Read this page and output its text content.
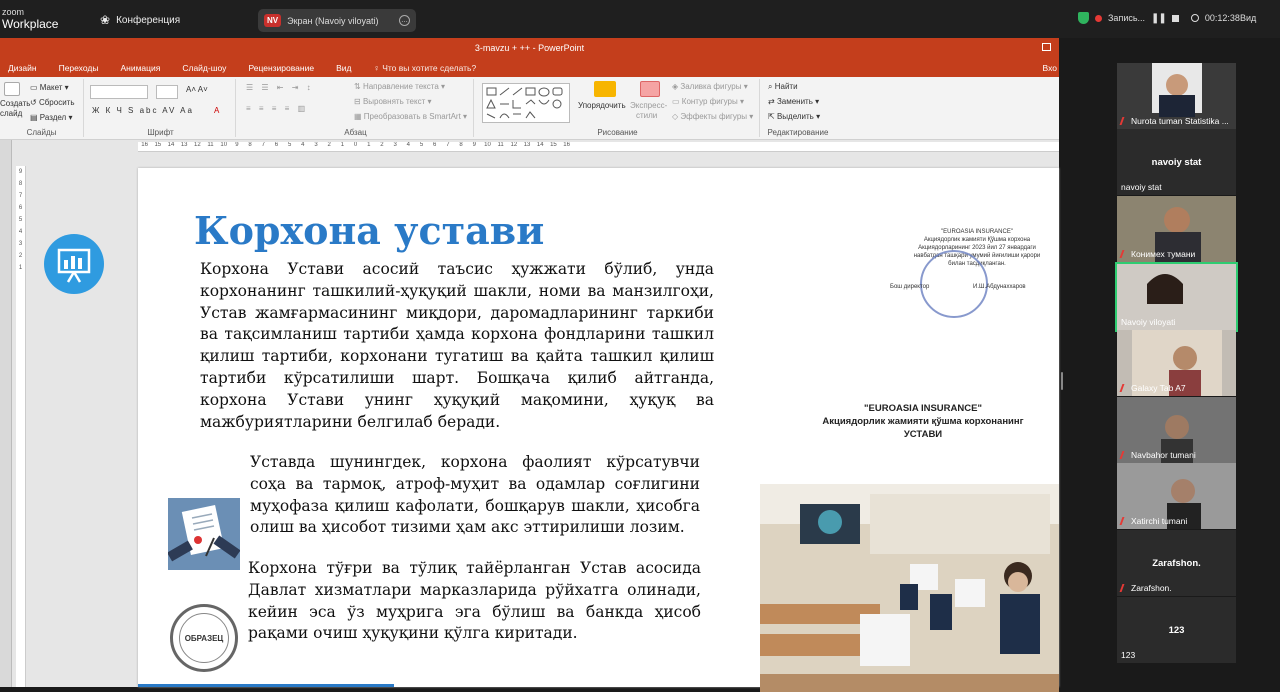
zoom
Workplace	❀ Конференция	NV	Экран (Navoiy viloyati)	…	Запись... ❚❚	00:12:38 Вид
3-mavzu + ++ - PowerPoint
Дизайн	Переходы	Анимация	Слайд-шоу	Рецензирование	Вид	♀ Что вы хотите сделать?	Вхо
Создать
слайд
▭ Макет ▾
↺ Сбросить
▤ Раздел ▾
Слайды
A˄ A˅
Ж К Ч S abc AV Aa	A
Шрифт
☰ ☰ ⇤ ⇥ ↕
≡ ≡ ≡ ≡ ▥
⇅ Направление текста ▾
⊟ Выровнять текст ▾
▦ Преобразовать в SmartArt ▾
Абзац
Упорядочить Экспресс-
стили
◈ Заливка фигуры ▾
▭ Контур фигуры ▾
◇ Эффекты фигуры ▾
Рисование
⌕ Найти
⇄ Заменить ▾
⇱ Выделить ▾
Редактирование
16 15 14 13 12 11 10 9 8 7 6 5 4 3 2 1 0 1 2 3 4 5 6 7 8 9 10 11 12 13 14 15 16
9
8
7
6
5
4
3
2
1
Корхона устави
Корхона Устави асосий таъсис ҳужжати бўлиб, унда корхонанинг ташкилий-ҳуқуқий шакли, номи ва манзилгоҳи, Устав жамғармасининг миқдори, даромадларининг таркиби ва тақсимланиш тартиби ҳамда корхона фондларини ташкил қилиш тартиби, корхонани тугатиш ва қайта ташкил қилиш тартиби кўрсатилиши шарт. Бошқача қилиб айтганда, корхона Устави унинг ҳуқуқий мақомини, ҳуқуқ ва мажбуриятларини белгилаб беради.
Уставда шунингдек, корхона фаолият кўрсатувчи соҳа ва тармоқ, атроф-муҳит ва одамлар соғлигини муҳофаза қилиш кафолати, бошқарув шакли, ҳисобга олиш ва ҳисобот тизими ҳам акс эттирилиши лозим.
Корхона тўғри ва тўлиқ тайёрланган Устав асосида Давлат хизматлари марказларида рўйхатга олинади, кейин эса ўз муҳрига эга бўлиш ва банкда ҳисоб рақами очиш ҳуқуқини қўлга киритади.
ОБРАЗЕЦ
"EUROASIA INSURANCE"
Акциядорлик жамияти Қўшма корхона
Акциядорларининг 2023 йил 27 январдаги
навбатдан ташқари умумий йиғилиши қарори
билан тасдиқланган.
Бош директор	И.Ш.Абдунаххаров
"EUROASIA INSURANCE"
Акциядорлик жамияти қўшма корхонанинг
УСТАВИ
Nurota tuman Statistika ...
navoiy stat
navoiy stat
Конимех тумани
Navoiy viloyati
Galaxy Tab A7
Navbahor tumani
Xatirchi tumani
Zarafshon.
Zarafshon.
123
123
